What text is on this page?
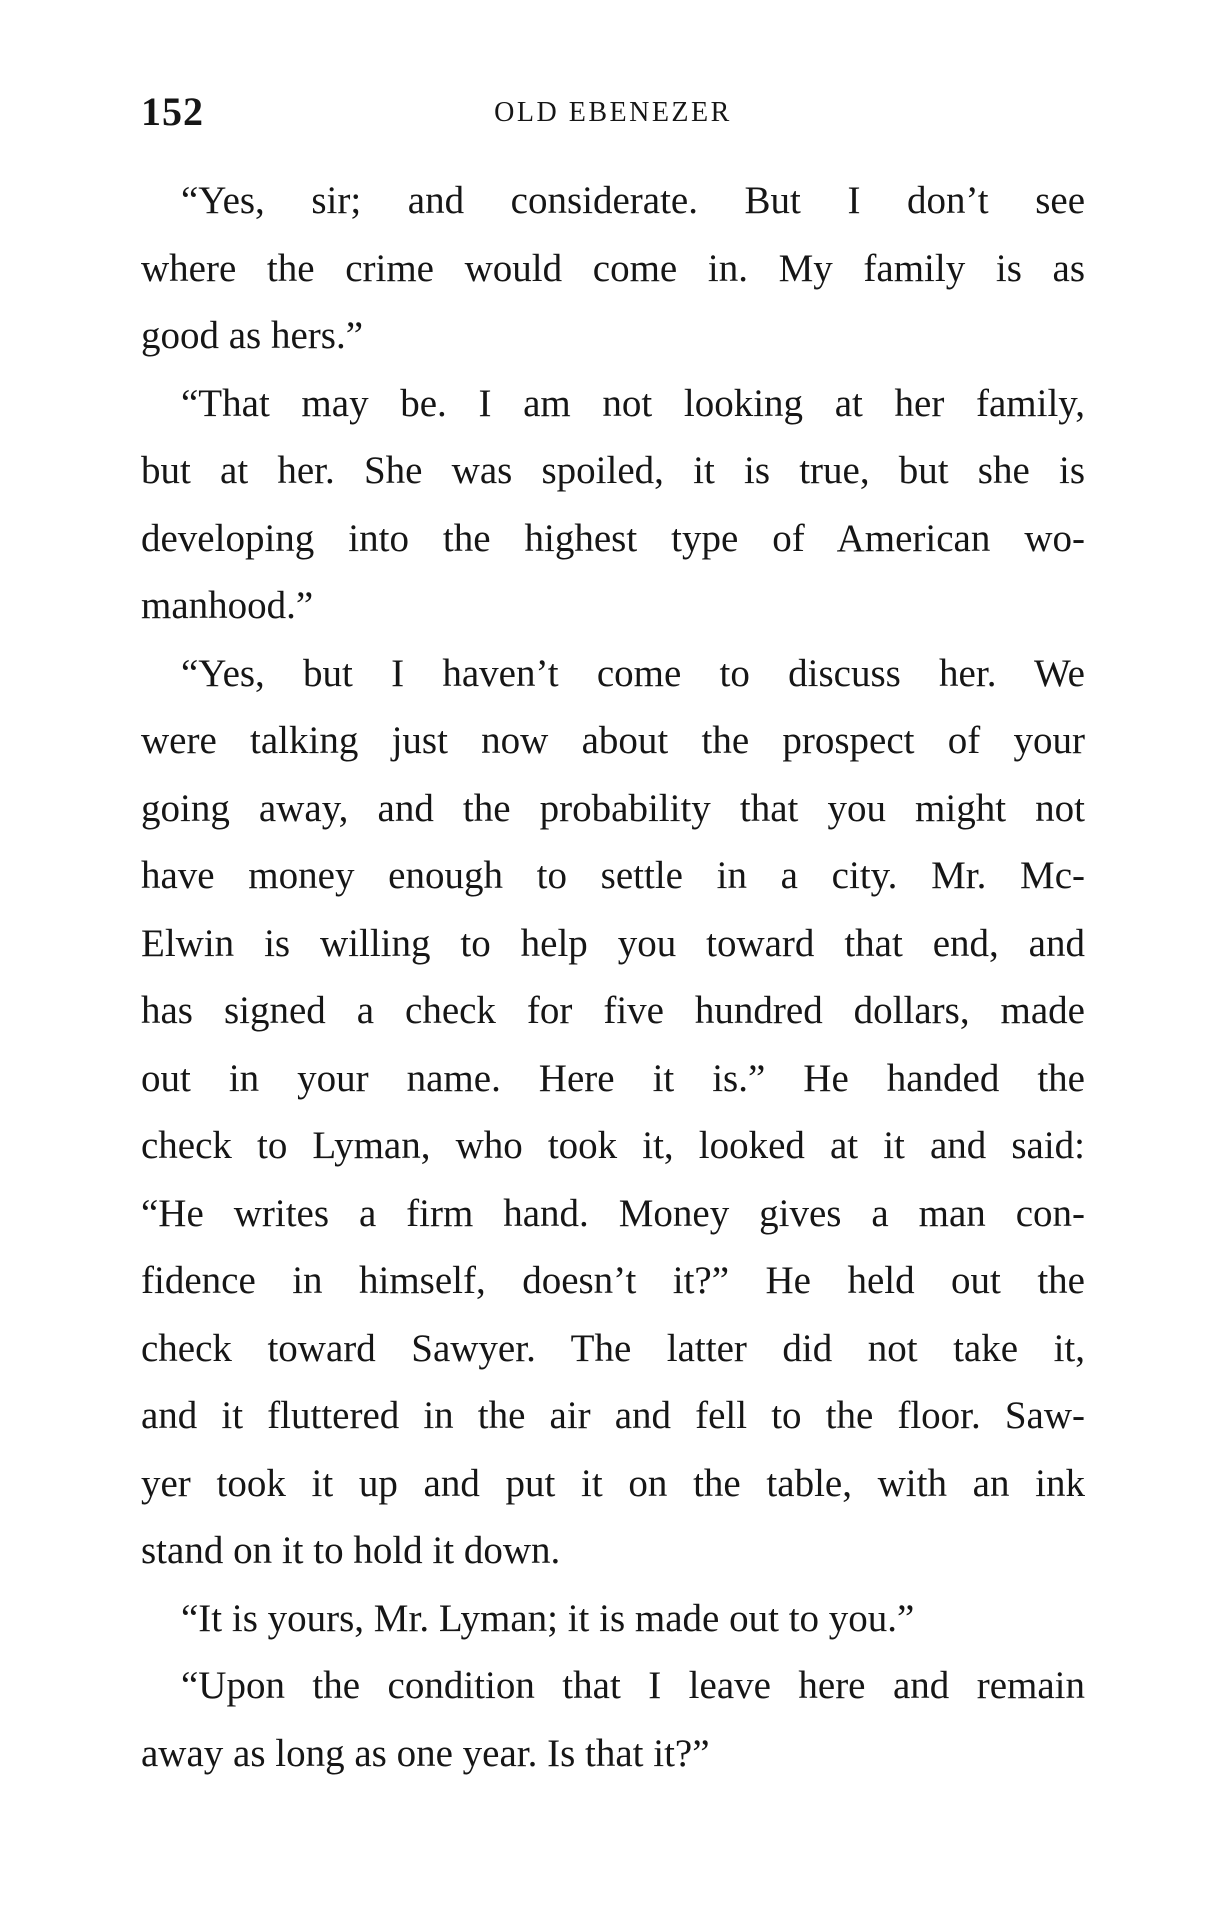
152	OLD EBENEZER
“Yes, sir; and considerate. But I don’t see
where the crime would come in. My family is as
good as hers.”
“That may be. I am not looking at her family,
but at her. She was spoiled, it is true, but she is
developing into the highest type of American wo-
manhood.”
“Yes, but I haven’t come to discuss her. We
were talking just now about the prospect of your
going away, and the probability that you might not
have money enough to settle in a city. Mr. Mc-
Elwin is willing to help you toward that end, and
has signed a check for five hundred dollars, made
out in your name. Here it is.” He handed the
check to Lyman, who took it, looked at it and said:
“He writes a firm hand. Money gives a man con-
fidence in himself, doesn’t it?” He held out the
check toward Sawyer. The latter did not take it,
and it fluttered in the air and fell to the floor. Saw-
yer took it up and put it on the table, with an ink
stand on it to hold it down.
“It is yours, Mr. Lyman; it is made out to you.”
“Upon the condition that I leave here and remain
away as long as one year. Is that it?”
